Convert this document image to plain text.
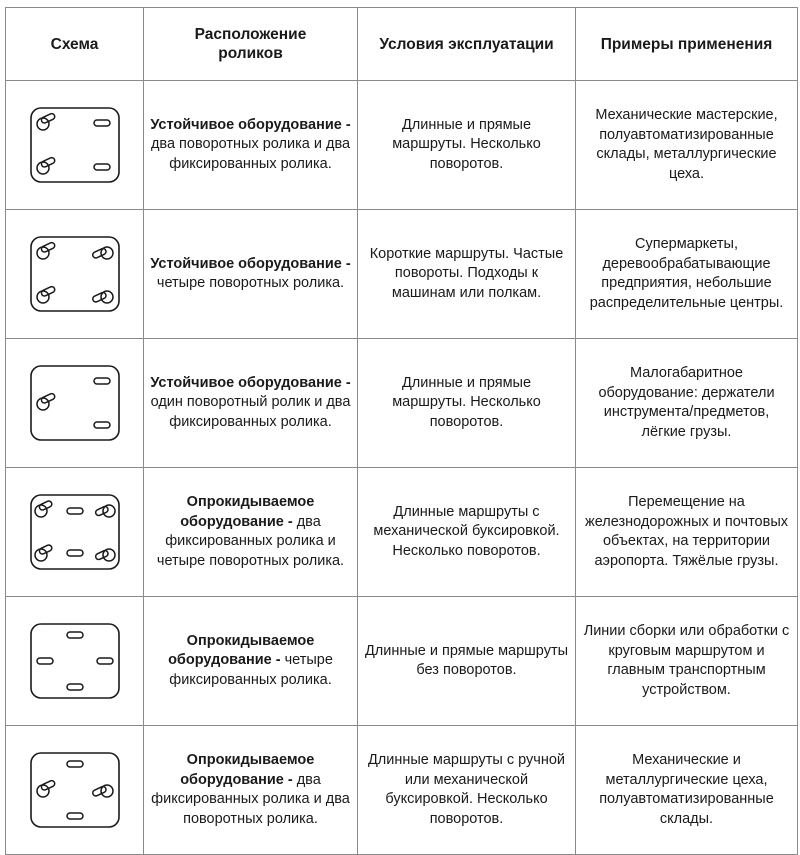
Схема	Расположение роликов	Условия эксплуатации	Примеры применения

	Устойчивое оборудование - два поворотных ролика и два фиксированных ролика.	Длинные и прямые маршруты. Несколько поворотов.	Механические мастерские, полуавтоматизированные склады, металлургические цеха.

	Устойчивое оборудование - четыре поворотных ролика.	Короткие маршруты. Частые повороты. Подходы к машинам или полкам.	Супермаркеты, деревообрабатывающие предприятия, небольшие распределительные центры.

	Устойчивое оборудование - один поворотный ролик и два фиксированных ролика.	Длинные и прямые маршруты. Несколько поворотов.	Малогабаритное оборудование: держатели инструмента/предметов, лёгкие грузы.

	Опрокидываемое оборудование - два фиксированных ролика и четыре поворотных ролика.	Длинные маршруты с механической буксировкой. Несколько поворотов.	Перемещение на железнодорожных и почтовых объектах, на территории аэропорта. Тяжёлые грузы.

	Опрокидываемое оборудование - четыре фиксированных ролика.	Длинные и прямые маршруты без поворотов.	Линии сборки или обработки с круговым маршрутом и главным транспортным устройством.

	Опрокидываемое оборудование - два фиксированных ролика и два поворотных ролика.	Длинные маршруты с ручной или механической буксировкой. Несколько поворотов.	Механические и металлургические цеха, полуавтоматизированные склады.
